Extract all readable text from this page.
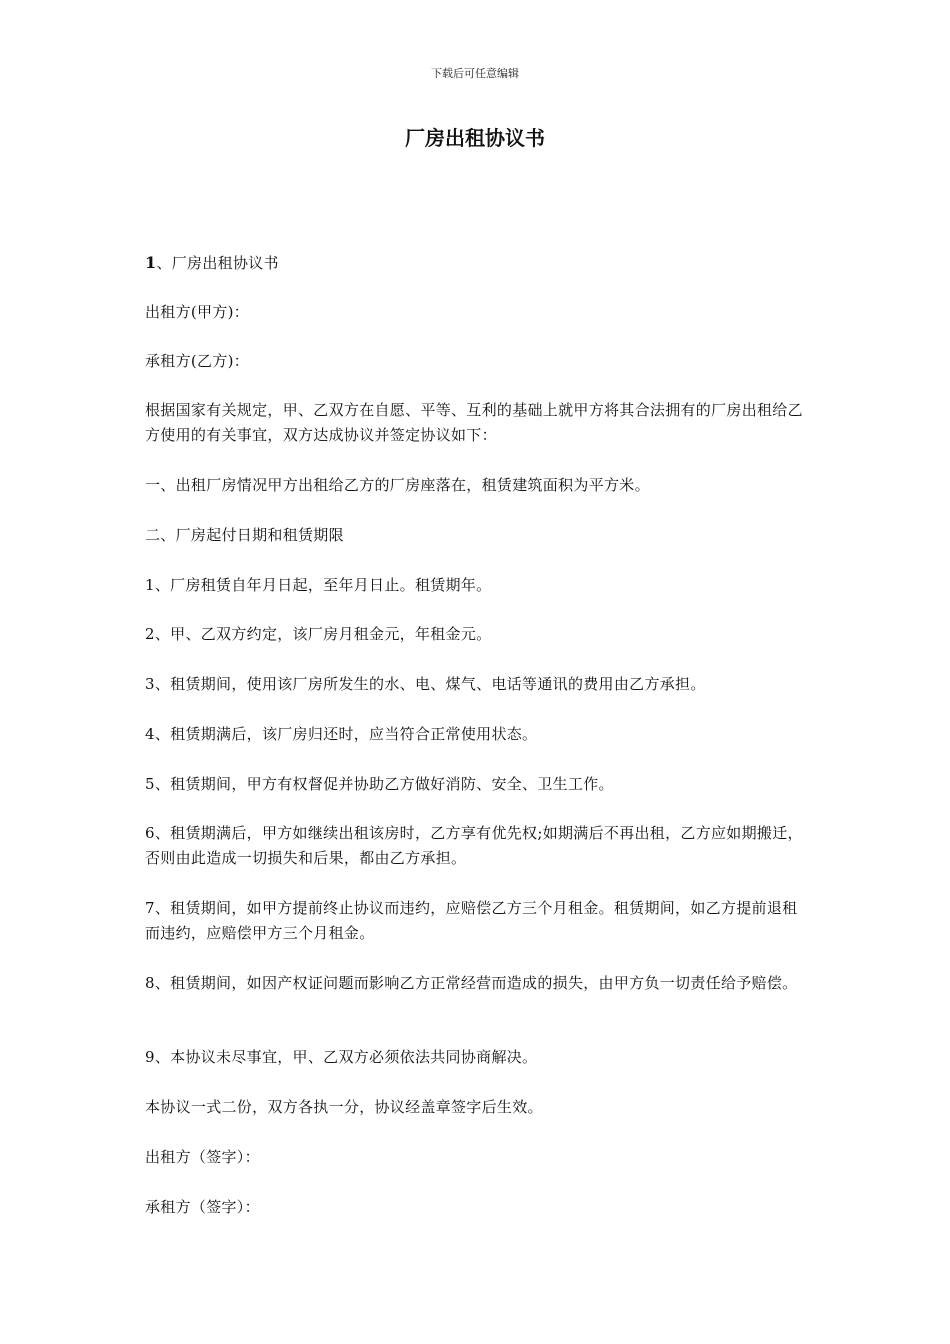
下载后可任意编辑
厂房出租协议书

1、厂房出租协议书

出租方(甲方)：

承租方(乙方)：

根据国家有关规定，甲、乙双方在自愿、平等、互利的基础上就甲方将其合法拥有的厂房出租给乙方使用的有关事宜，双方达成协议并签定协议如下：

一、出租厂房情况甲方出租给乙方的厂房座落在，租赁建筑面积为平方米。

二、厂房起付日期和租赁期限

1、厂房租赁自年月日起，至年月日止。租赁期年。

2、甲、乙双方约定，该厂房月租金元，年租金元。

3、租赁期间，使用该厂房所发生的水、电、煤气、电话等通讯的费用由乙方承担。

4、租赁期满后，该厂房归还时，应当符合正常使用状态。

5、租赁期间，甲方有权督促并协助乙方做好消防、安全、卫生工作。

6、租赁期满后，甲方如继续出租该房时，乙方享有优先权;如期满后不再出租，乙方应如期搬迁，否则由此造成一切损失和后果，都由乙方承担。

7、租赁期间，如甲方提前终止协议而违约，应赔偿乙方三个月租金。租赁期间，如乙方提前退租而违约，应赔偿甲方三个月租金。

8、租赁期间，如因产权证问题而影响乙方正常经营而造成的损失，由甲方负一切责任给予赔偿。

9、本协议未尽事宜，甲、乙双方必须依法共同协商解决。

本协议一式二份，双方各执一分，协议经盖章签字后生效。

出租方（签字）：

承租方（签字）：
